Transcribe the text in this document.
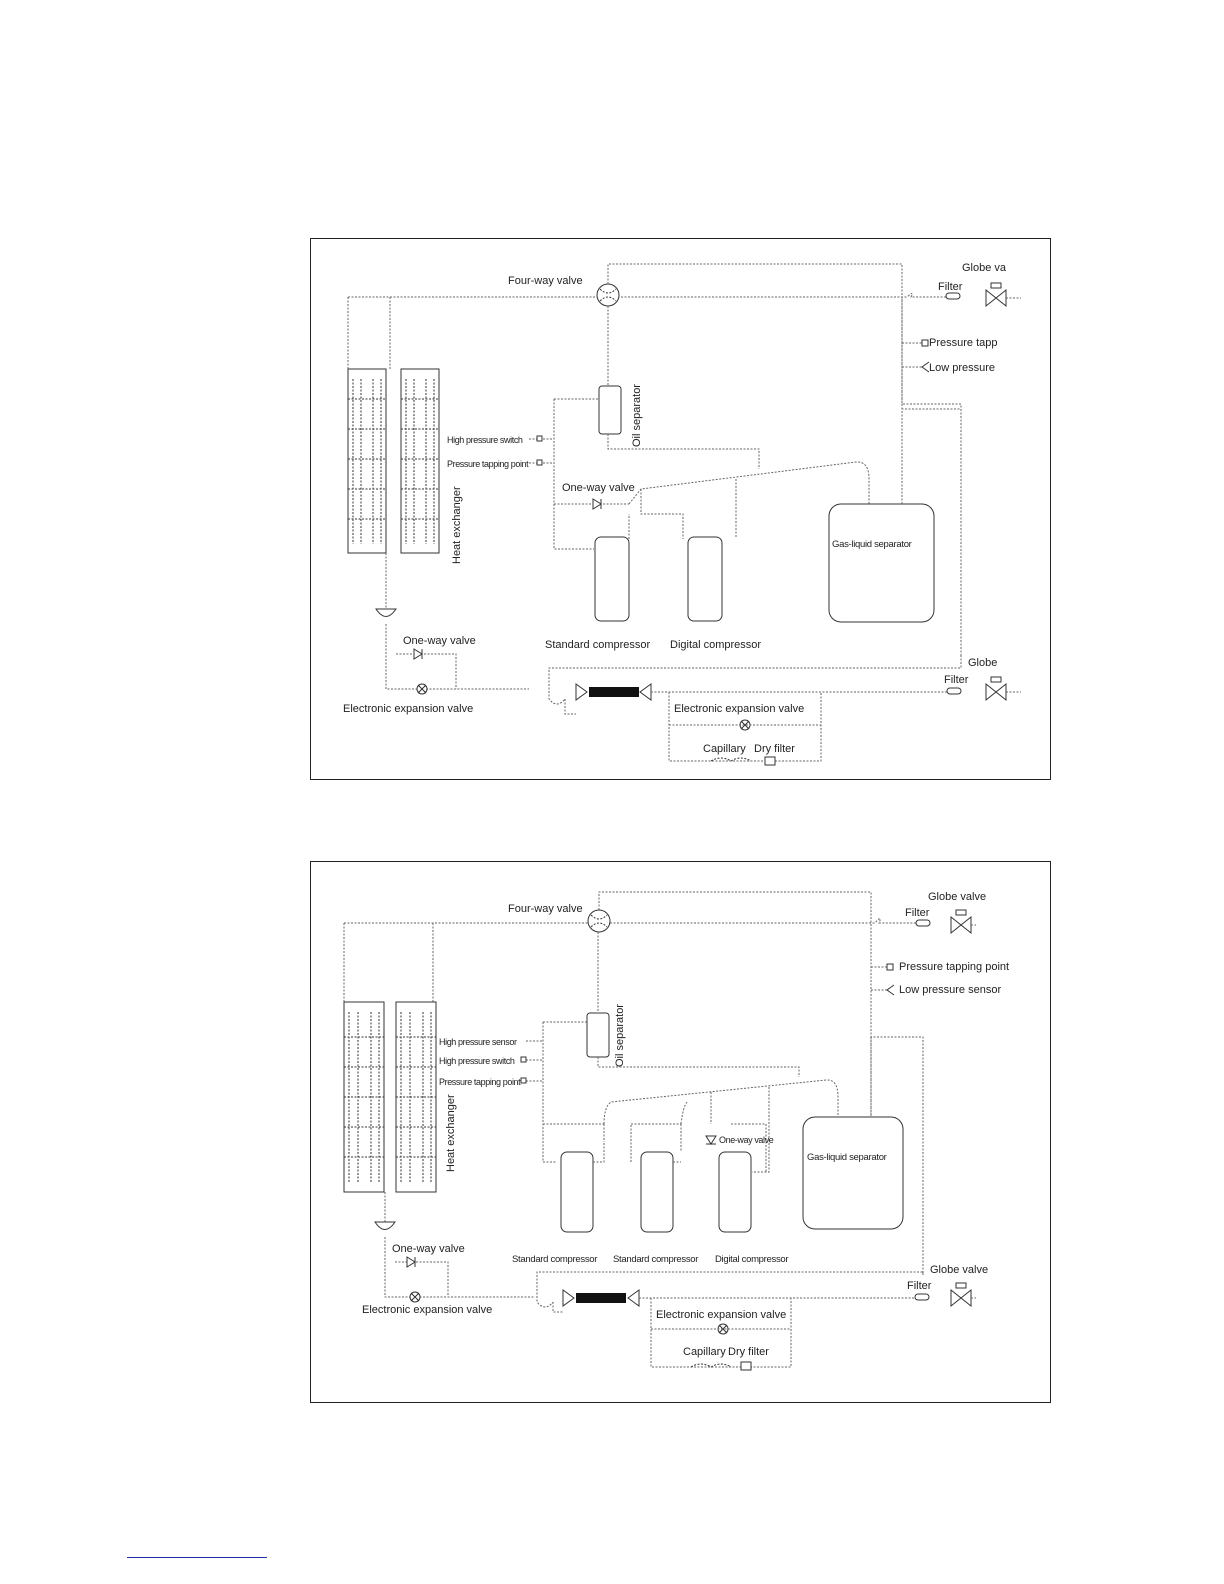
Four-way valve
Globe va
Filter
Pressure tapp
Low pressure
Oil separator
High pressure switch
Pressure tapping point
Heat exchanger	One-way valve
Gas-liquid separator
Standard compressor Digital compressor
One-way valve
Globe
Filter
Electronic expansion valve	Electronic expansion valve
Capillary Dry filter
Four-way valve
Globe valve
Filter
Pressure tapping point
Low pressure sensor
Oil separator
High pressure sensor
High pressure switch
Pressure tapping point
Heat exchanger	One-way valve
Gas-liquid separator
Standard compressor Standard compressor Digital compressor
One-way valve
Globe valve
Filter
Electronic expansion valve	Electronic expansion valve
Capillary Dry filter
